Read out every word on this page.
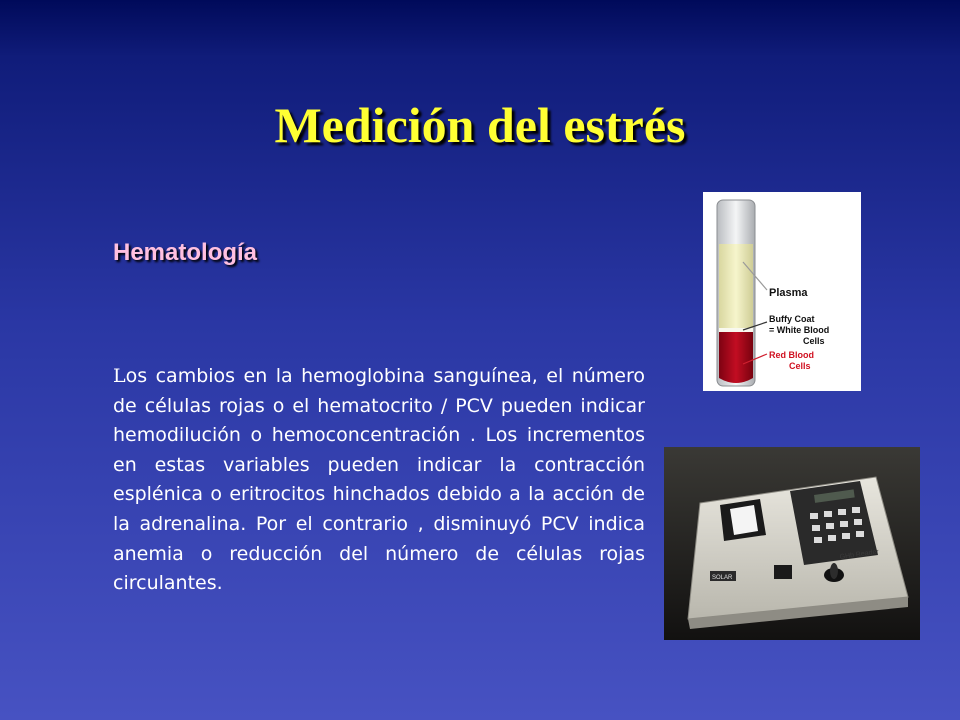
Medición del estrés
Hematología

Los cambios en la hemoglobina sanguínea, el número de células rojas o el hematocrito / PCV pueden indicar hemodilución o hemoconcentración . Los incrementos en estas variables pueden indicar la contracción esplénica o eritrocitos hinchados debido a la acción de la adrenalina. Por el contrario , disminuyó PCV indica anemia o reducción del número de células rojas circulantes.

Plasma
Buffy Coat
= White Blood
Cells
Red Blood
Cells
GHb Reader
SOLAR
